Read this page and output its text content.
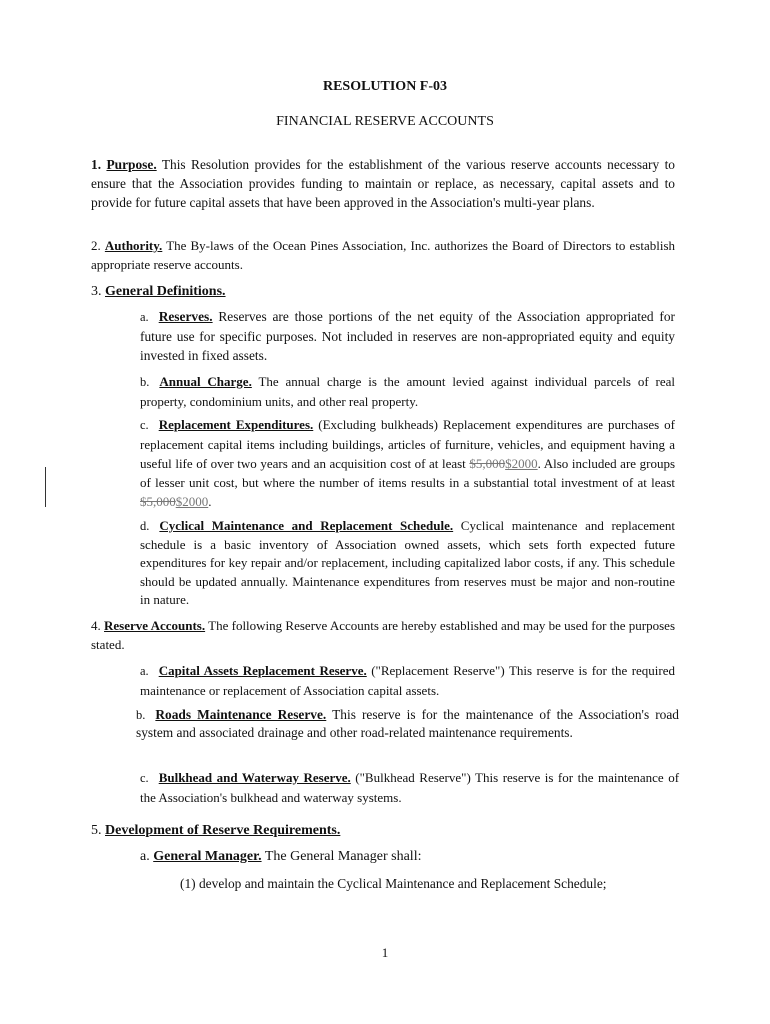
RESOLUTION F-03
FINANCIAL RESERVE ACCOUNTS
1. Purpose. This Resolution provides for the establishment of the various reserve accounts necessary to ensure that the Association provides funding to maintain or replace, as necessary, capital assets and to provide for future capital assets that have been approved in the Association's multi-year plans.
2. Authority. The By-laws of the Ocean Pines Association, Inc. authorizes the Board of Directors to establish appropriate reserve accounts.
3. General Definitions.
a. Reserves. Reserves are those portions of the net equity of the Association appropriated for future use for specific purposes. Not included in reserves are non-appropriated equity and equity invested in fixed assets.
b. Annual Charge. The annual charge is the amount levied against individual parcels of real property, condominium units, and other real property.
c. Replacement Expenditures. (Excluding bulkheads) Replacement expenditures are purchases of replacement capital items including buildings, articles of furniture, vehicles, and equipment having a useful life of over two years and an acquisition cost of at least $5,000$2000. Also included are groups of lesser unit cost, but where the number of items results in a substantial total investment of at least $5,000$2000.
d. Cyclical Maintenance and Replacement Schedule. Cyclical maintenance and replacement schedule is a basic inventory of Association owned assets, which sets forth expected future expenditures for key repair and/or replacement, including capitalized labor costs, if any. This schedule should be updated annually. Maintenance expenditures from reserves must be major and non-routine in nature.
4. Reserve Accounts. The following Reserve Accounts are hereby established and may be used for the purposes stated.
a. Capital Assets Replacement Reserve. ("Replacement Reserve") This reserve is for the required maintenance or replacement of Association capital assets.
b. Roads Maintenance Reserve. This reserve is for the maintenance of the Association's road system and associated drainage and other road-related maintenance requirements.
c. Bulkhead and Waterway Reserve. ("Bulkhead Reserve") This reserve is for the maintenance of the Association's bulkhead and waterway systems.
5. Development of Reserve Requirements.
a. General Manager. The General Manager shall:
(1) develop and maintain the Cyclical Maintenance and Replacement Schedule;
1
